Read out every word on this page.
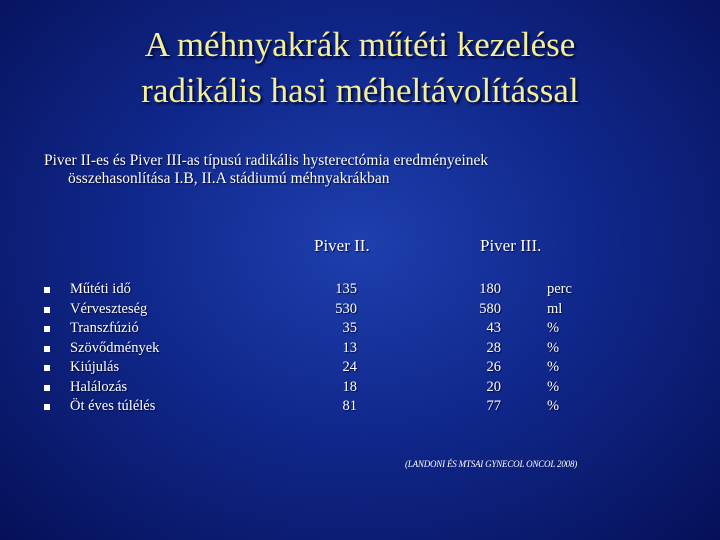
A méhnyakrák műtéti kezelése
radikális hasi méheltávolítással
Piver II-es és Piver III-as típusú radikális hysterectómia eredményeinek
összehasonlítása I.B, II.A stádiumú méhnyakrákban
Piver II.	Piver III.
Műtéti idő	135	180	perc
Vérveszteség	530	580	ml
Transzfúzió	35	43	%
Szövődmények	13	28	%
Kiújulás	24	26	%
Halálozás	18	20	%
Öt éves túlélés	81	77	%
(LANDONI ÉS MTSAI GYNECOL ONCOL 2008)
